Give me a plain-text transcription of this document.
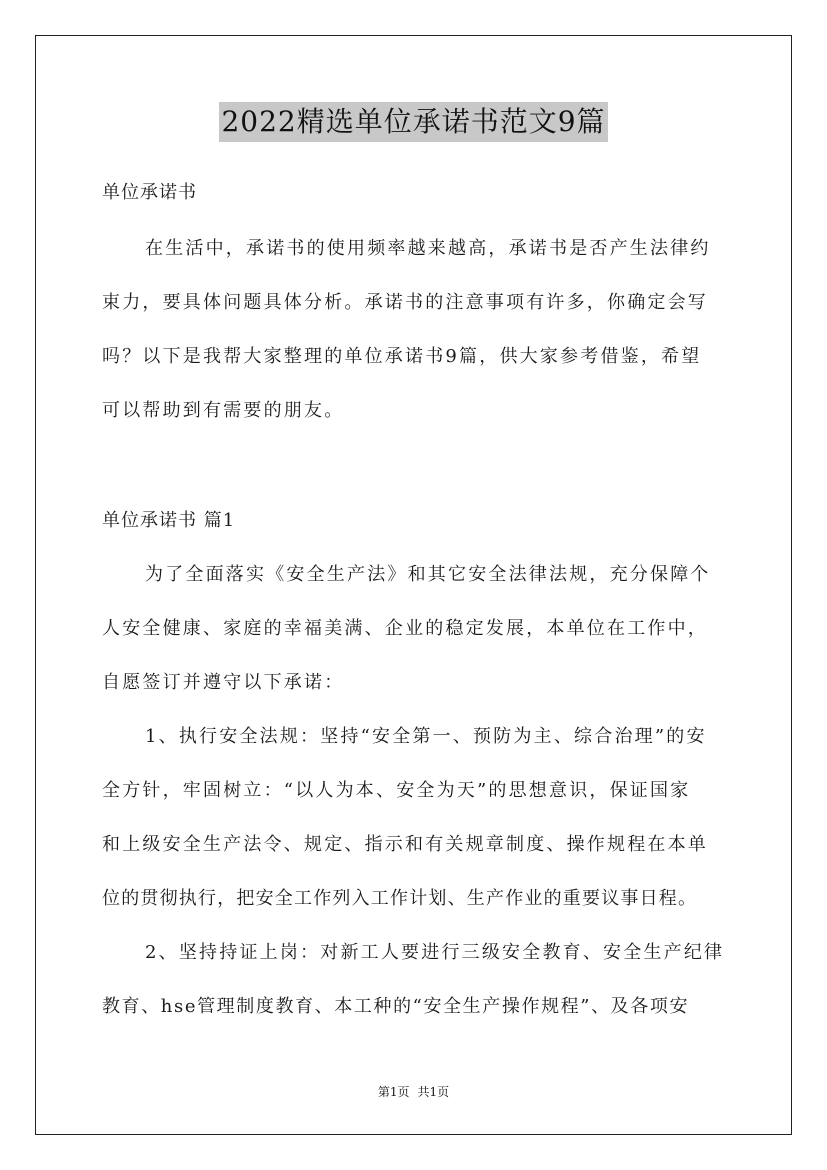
2022精选单位承诺书范文9篇
单位承诺书
在生活中，承诺书的使用频率越来越高，承诺书是否产生法律约
束力，要具体问题具体分析。承诺书的注意事项有许多，你确定会写
吗？以下是我帮大家整理的单位承诺书9篇，供大家参考借鉴，希望
可以帮助到有需要的朋友。
单位承诺书 篇1
为了全面落实《安全生产法》和其它安全法律法规，充分保障个
人安全健康、家庭的幸福美满、企业的稳定发展，本单位在工作中，
自愿签订并遵守以下承诺：
1、执行安全法规：坚持“安全第一、预防为主、综合治理”的安
全方针，牢固树立：“以人为本、安全为天”的思想意识，保证国家
和上级安全生产法令、规定、指示和有关规章制度、操作规程在本单
位的贯彻执行，把安全工作列入工作计划、生产作业的重要议事日程。
2、坚持持证上岗：对新工人要进行三级安全教育、安全生产纪律
教育、hse管理制度教育、本工种的“安全生产操作规程”、及各项安
第1页 共1页
